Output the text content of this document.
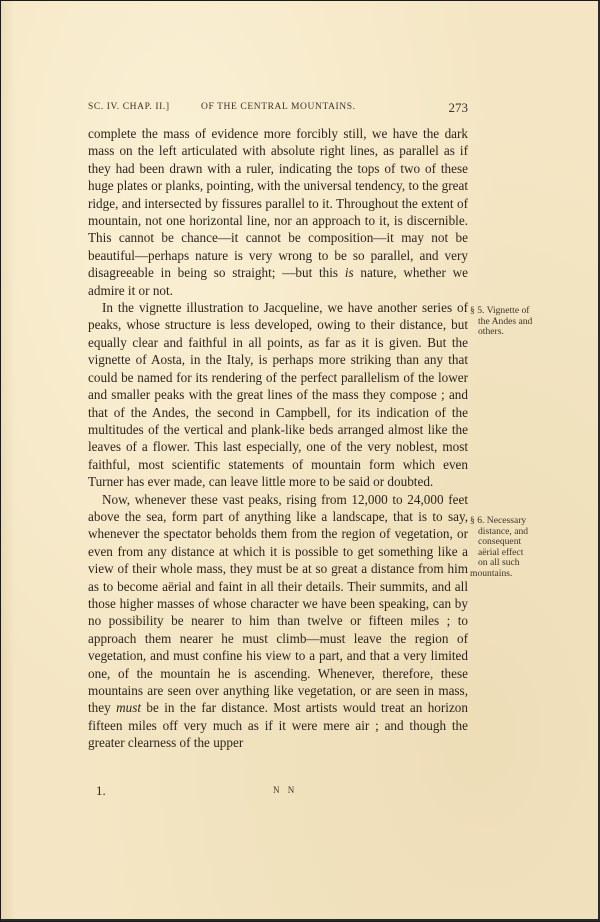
SC. IV. CHAP. II.]	OF THE CENTRAL MOUNTAINS.	273

complete the mass of evidence more forcibly still, we have the dark mass on the left articulated with absolute right lines, as parallel as if they had been drawn with a ruler, indicating the tops of two of these huge plates or planks, pointing, with the universal tendency, to the great ridge, and intersected by fissures parallel to it. Throughout the extent of mountain, not one horizontal line, nor an approach to it, is discernible. This cannot be chance—it cannot be composition—it may not be beautiful—perhaps nature is very wrong to be so parallel, and very disagreeable in being so straight; —but this is nature, whether we admire it or not.

In the vignette illustration to Jacqueline, we have another series of peaks, whose structure is less developed, owing to their distance, but equally clear and faithful in all points, as far as it is given. But the vignette of Aosta, in the Italy, is perhaps more striking than any that could be named for its rendering of the perfect parallelism of the lower and smaller peaks with the great lines of the mass they compose ; and that of the Andes, the second in Campbell, for its indication of the multitudes of the vertical and plank-like beds arranged almost like the leaves of a flower. This last especially, one of the very noblest, most faithful, most scientific statements of mountain form which even Turner has ever made, can leave little more to be said or doubted.

Now, whenever these vast peaks, rising from 12,000 to 24,000 feet above the sea, form part of anything like a landscape, that is to say, whenever the spectator beholds them from the region of vegetation, or even from any distance at which it is possible to get something like a view of their whole mass, they must be at so great a distance from him as to become aërial and faint in all their details. Their summits, and all those higher masses of whose character we have been speaking, can by no possibility be nearer to him than twelve or fifteen miles ; to approach them nearer he must climb—must leave the region of vegetation, and must confine his view to a part, and that a very limited one, of the mountain he is ascending. Whenever, therefore, these mountains are seen over anything like vegetation, or are seen in mass, they must be in the far distance. Most artists would treat an horizon fifteen miles off very much as if it were mere air ; and though the greater clearness of the upper

§ 5. Vignette of
the Andes and
others.
§ 6. Necessary
distance, and
consequent
aërial effect
on all such
mountains.
1.	N N
